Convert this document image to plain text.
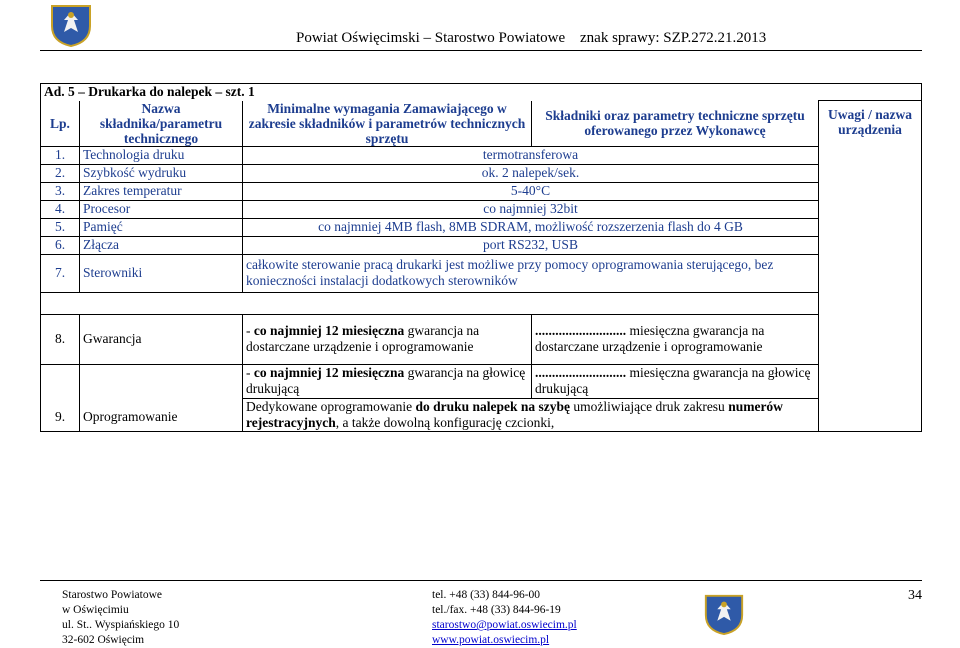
Powiat Oświęcimski – Starostwo Powiatowe znak sprawy: SZP.272.21.2013
Ad. 5 – Drukarka do nalepek – szt. 1				
Lp.	Nazwa składnika/parametru technicznego	Minimalne wymagania Zamawiającego w zakresie składników i parametrów technicznych sprzętu	Składniki oraz parametry techniczne sprzętu oferowanego przez Wykonawcę	Uwagi / nazwa urządzenia
1.	Technologia druku	termotransferowa		
2.	Szybkość wydruku	ok. 2 nalepek/sek.		
3.	Zakres temperatur	5-40°C		
4.	Procesor	co najmniej 32bit		
5.	Pamięć	co najmniej 4MB flash, 8MB SDRAM, możliwość rozszerzenia flash do 4 GB		
6.	Złącza	port RS232, USB		
7.	Sterowniki	całkowite sterowanie pracą drukarki jest możliwe przy pomocy oprogramowania sterującego, bez konieczności instalacji dodatkowych sterowników		

8.	Gwarancja	- co najmniej 12 miesięczna gwarancja na dostarczane urządzenie i oprogramowanie	........................... miesięczna gwarancja na dostarczane urządzenie i oprogramowanie	
9.	Oprogramowanie	- co najmniej 12 miesięczna gwarancja na głowicę drukującą	........................... miesięczna gwarancja na głowicę drukującą	
		Dedykowane oprogramowanie do druku nalepek na szybę umożliwiające druk zakresu numerów rejestracyjnych, a także dowolną konfigurację czcionki,		
Starostwo Powiatowe
w Oświęcimiu
ul. St.. Wyspiańskiego 10
32-602 Oświęcim
tel. +48 (33) 844-96-00
tel./fax. +48 (33) 844-96-19
starostwo@powiat.oswiecim.pl
www.powiat.oswiecim.pl
34
